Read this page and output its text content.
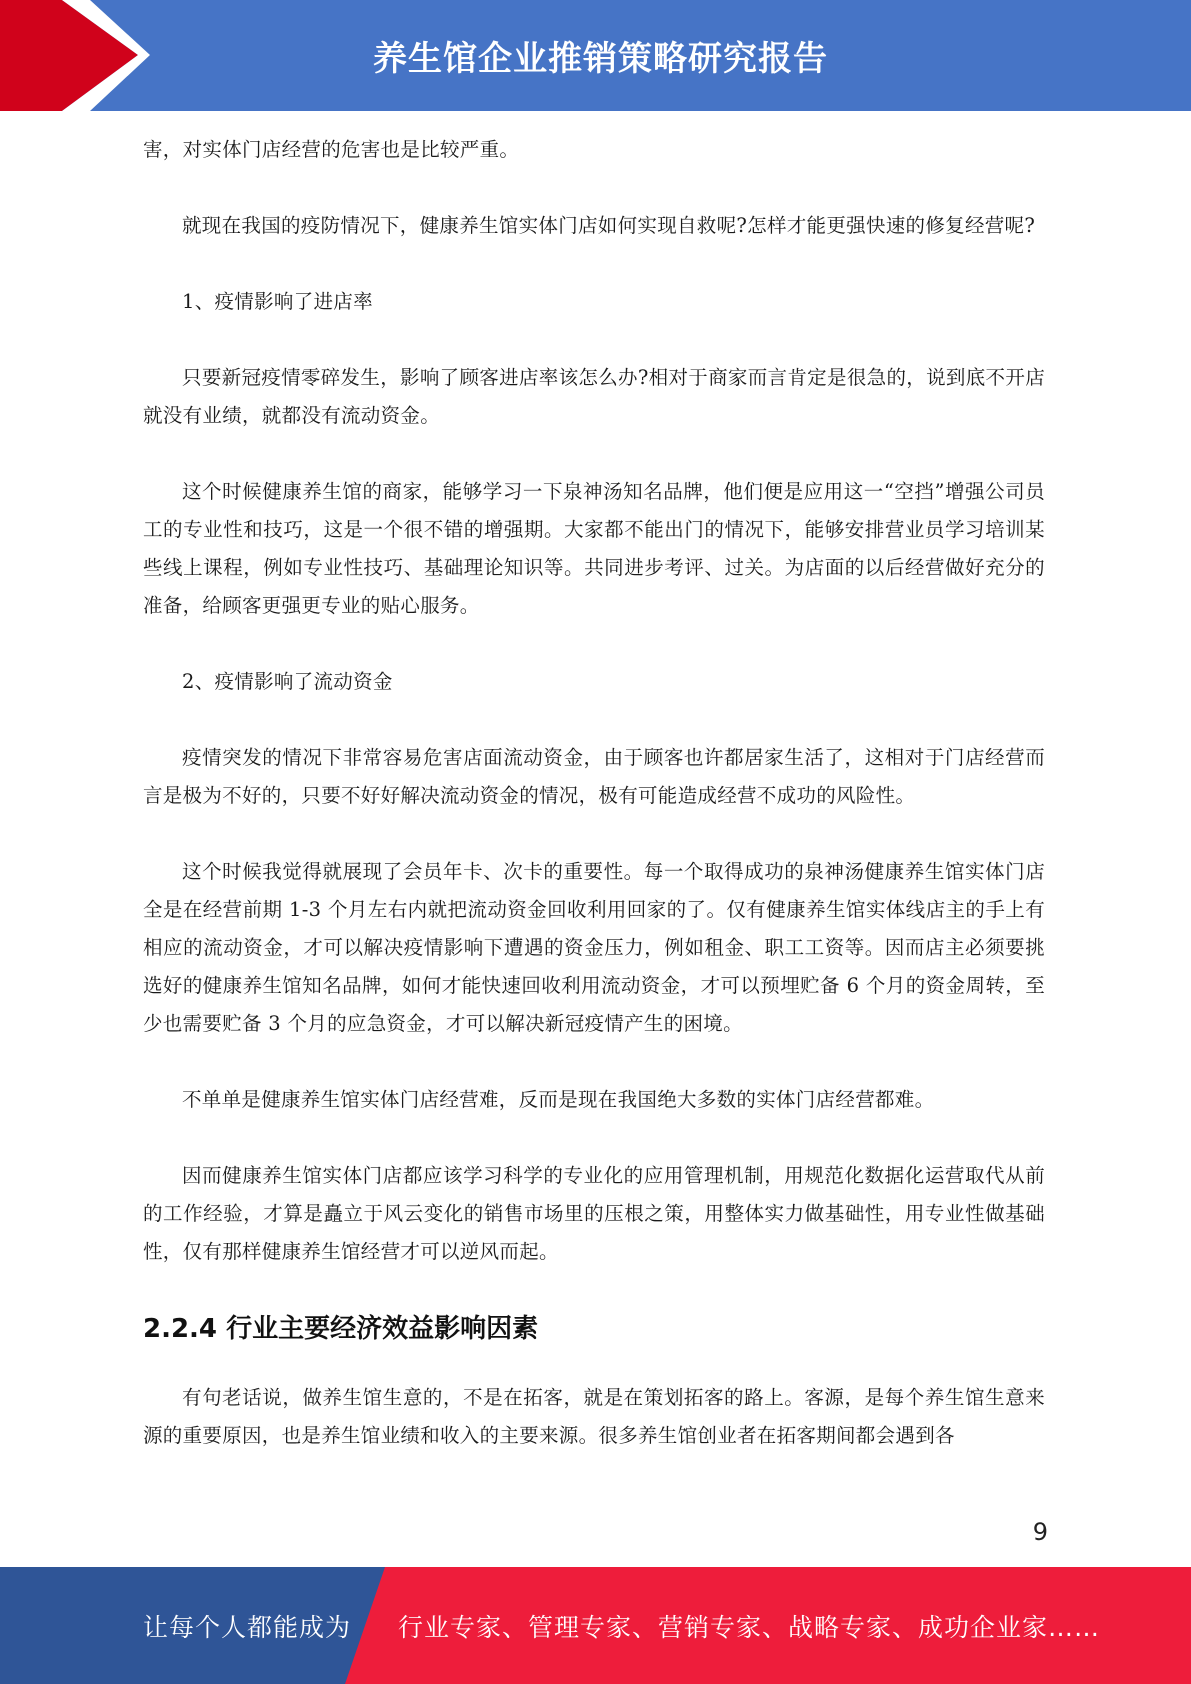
养生馆企业推销策略研究报告

害，对实体门店经营的危害也是比较严重。

就现在我国的疫防情况下，健康养生馆实体门店如何实现自救呢?怎样才能更强快速的修复经营呢?

1、疫情影响了进店率

只要新冠疫情零碎发生，影响了顾客进店率该怎么办?相对于商家而言肯定是很急的，说到底不开店就没有业绩，就都没有流动资金。

这个时候健康养生馆的商家，能够学习一下泉神汤知名品牌，他们便是应用这一“空挡”增强公司员工的专业性和技巧，这是一个很不错的增强期。大家都不能出门的情况下，能够安排营业员学习培训某些线上课程，例如专业性技巧、基础理论知识等。共同进步考评、过关。为店面的以后经营做好充分的准备，给顾客更强更专业的贴心服务。

2、疫情影响了流动资金

疫情突发的情况下非常容易危害店面流动资金，由于顾客也许都居家生活了，这相对于门店经营而言是极为不好的，只要不好好解决流动资金的情况，极有可能造成经营不成功的风险性。

这个时候我觉得就展现了会员年卡、次卡的重要性。每一个取得成功的泉神汤健康养生馆实体门店全是在经营前期 1-3 个月左右内就把流动资金回收利用回家的了。仅有健康养生馆实体线店主的手上有相应的流动资金，才可以解决疫情影响下遭遇的资金压力，例如租金、职工工资等。因而店主必须要挑选好的健康养生馆知名品牌，如何才能快速回收利用流动资金，才可以预埋贮备 6 个月的资金周转，至少也需要贮备 3 个月的应急资金，才可以解决新冠疫情产生的困境。

不单单是健康养生馆实体门店经营难，反而是现在我国绝大多数的实体门店经营都难。

因而健康养生馆实体门店都应该学习科学的专业化的应用管理机制，用规范化数据化运营取代从前的工作经验，才算是矗立于风云变化的销售市场里的压根之策，用整体实力做基础性，用专业性做基础性，仅有那样健康养生馆经营才可以逆风而起。

2.2.4 行业主要经济效益影响因素

有句老话说，做养生馆生意的，不是在拓客，就是在策划拓客的路上。客源，是每个养生馆生意来源的重要原因，也是养生馆业绩和收入的主要来源。很多养生馆创业者在拓客期间都会遇到各

9
让每个人都能成为 行业专家、管理专家、营销专家、战略专家、成功企业家……
